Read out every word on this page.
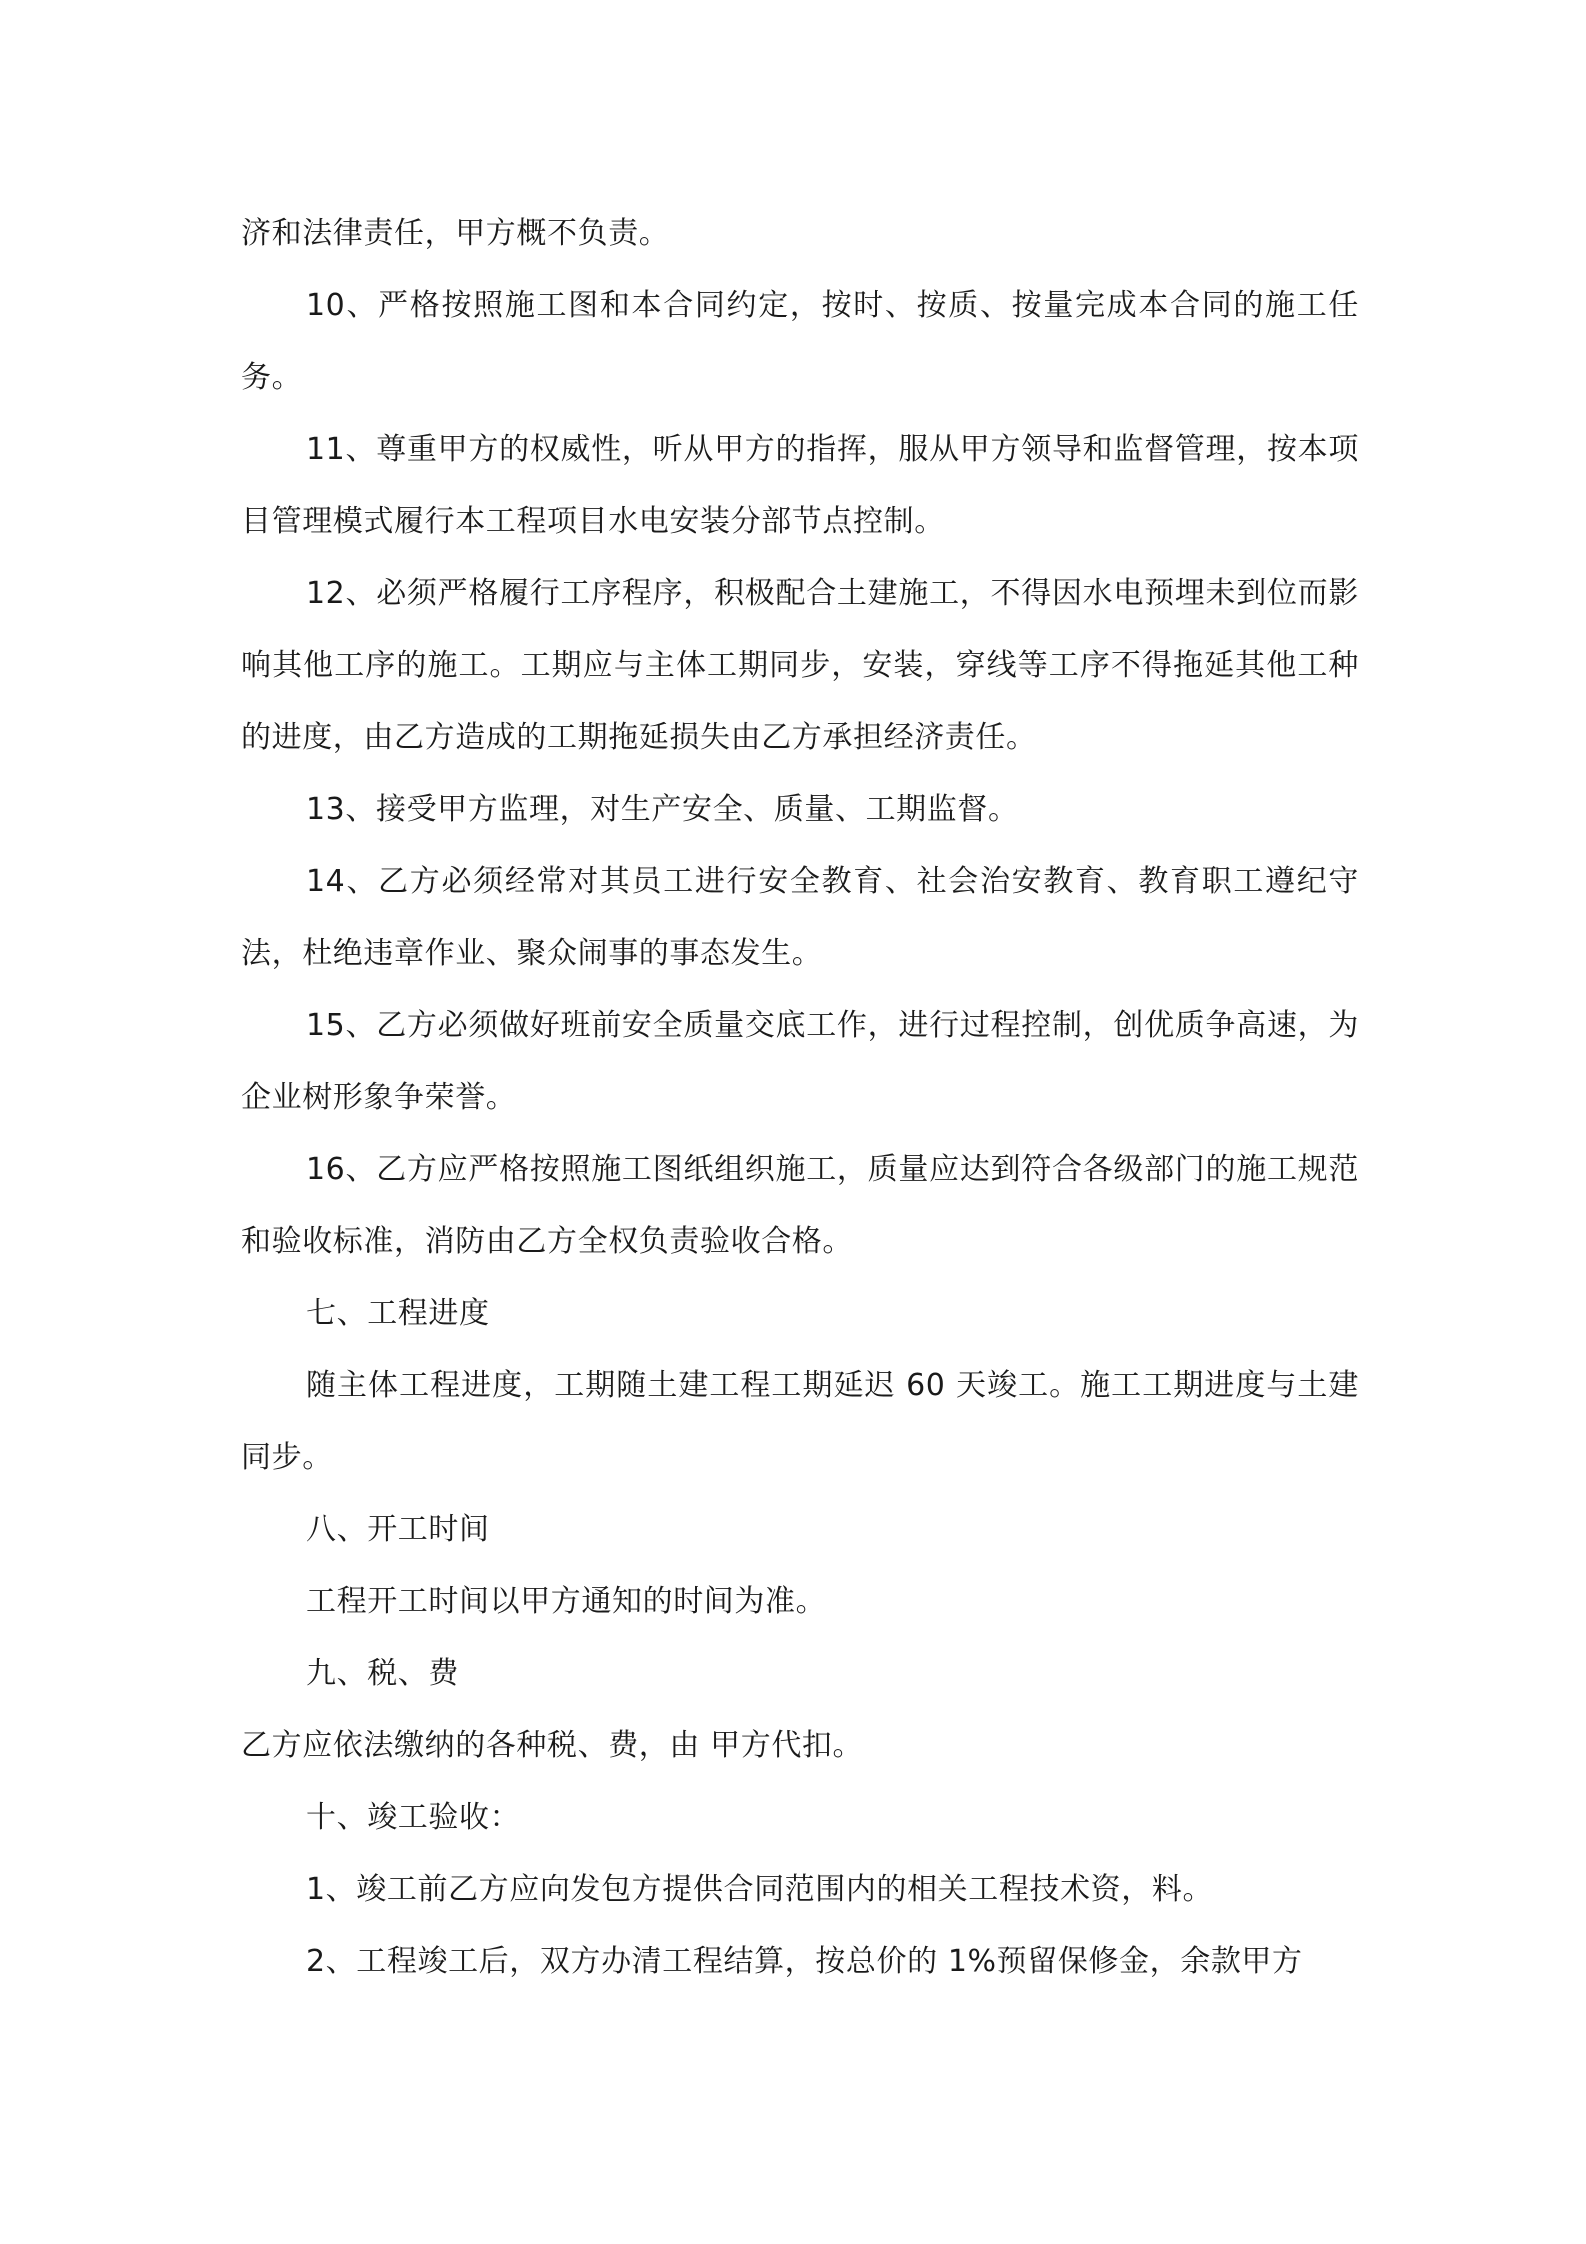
济和法律责任，甲方概不负责。

10、严格按照施工图和本合同约定，按时、按质、按量完成本合同的施工任务。

11、尊重甲方的权威性，听从甲方的指挥，服从甲方领导和监督管理，按本项目管理模式履行本工程项目水电安装分部节点控制。

12、必须严格履行工序程序，积极配合土建施工，不得因水电预埋未到位而影响其他工序的施工。工期应与主体工期同步，安装，穿线等工序不得拖延其他工种的进度，由乙方造成的工期拖延损失由乙方承担经济责任。

13、接受甲方监理，对生产安全、质量、工期监督。

14、乙方必须经常对其员工进行安全教育、社会治安教育、教育职工遵纪守法，杜绝违章作业、聚众闹事的事态发生。

15、乙方必须做好班前安全质量交底工作，进行过程控制，创优质争高速，为企业树形象争荣誉。

16、乙方应严格按照施工图纸组织施工，质量应达到符合各级部门的施工规范和验收标准，消防由乙方全权负责验收合格。

七、工程进度

随主体工程进度，工期随土建工程工期延迟 60 天竣工。施工工期进度与土建同步。

八、开工时间

工程开工时间以甲方通知的时间为准。

九、税、费

乙方应依法缴纳的各种税、费，由 甲方代扣。

十、竣工验收：

1、竣工前乙方应向发包方提供合同范围内的相关工程技术资，料。

2、工程竣工后，双方办清工程结算，按总价的 1%预留保修金，余款甲方
